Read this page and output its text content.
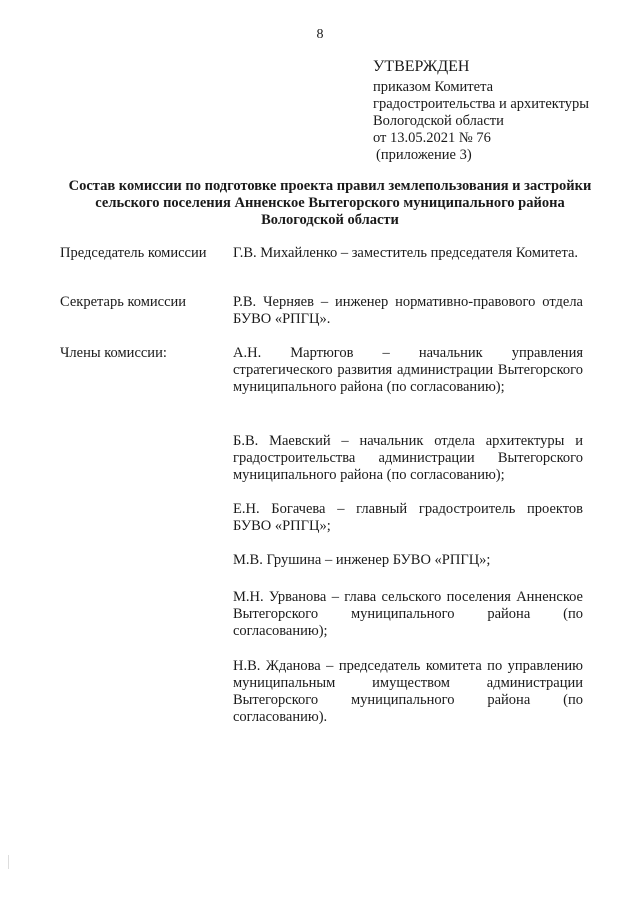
8
УТВЕРЖДЕН
приказом Комитета
градостроительства и архитектуры
Вологодской области
от 13.05.2021 № 76
(приложение 3)
Состав комиссии по подготовке проекта правил землепользования и застройки сельского поселения Анненское Вытегорского муниципального района Вологодской области
Председатель комиссии	Г.В. Михайленко – заместитель председателя Комитета.
Секретарь комиссии	Р.В. Черняев – инженер нормативно-правового отдела БУВО «РПГЦ».
Члены комиссии:	А.Н. Мартюгов – начальник управления стратегического развития администрации Вытегорского муниципального района (по согласованию);
Б.В. Маевский – начальник отдела архитектуры и градостроительства администрации Вытегорского муниципального района (по согласованию);
Е.Н. Богачева – главный градостроитель проектов БУВО «РПГЦ»;
М.В. Грушина – инженер БУВО «РПГЦ»;
М.Н. Урванова – глава сельского поселения Анненское Вытегорского муниципального района (по согласованию);
Н.В. Жданова – председатель комитета по управлению муниципальным имуществом администрации Вытегорского муниципального района (по согласованию).
